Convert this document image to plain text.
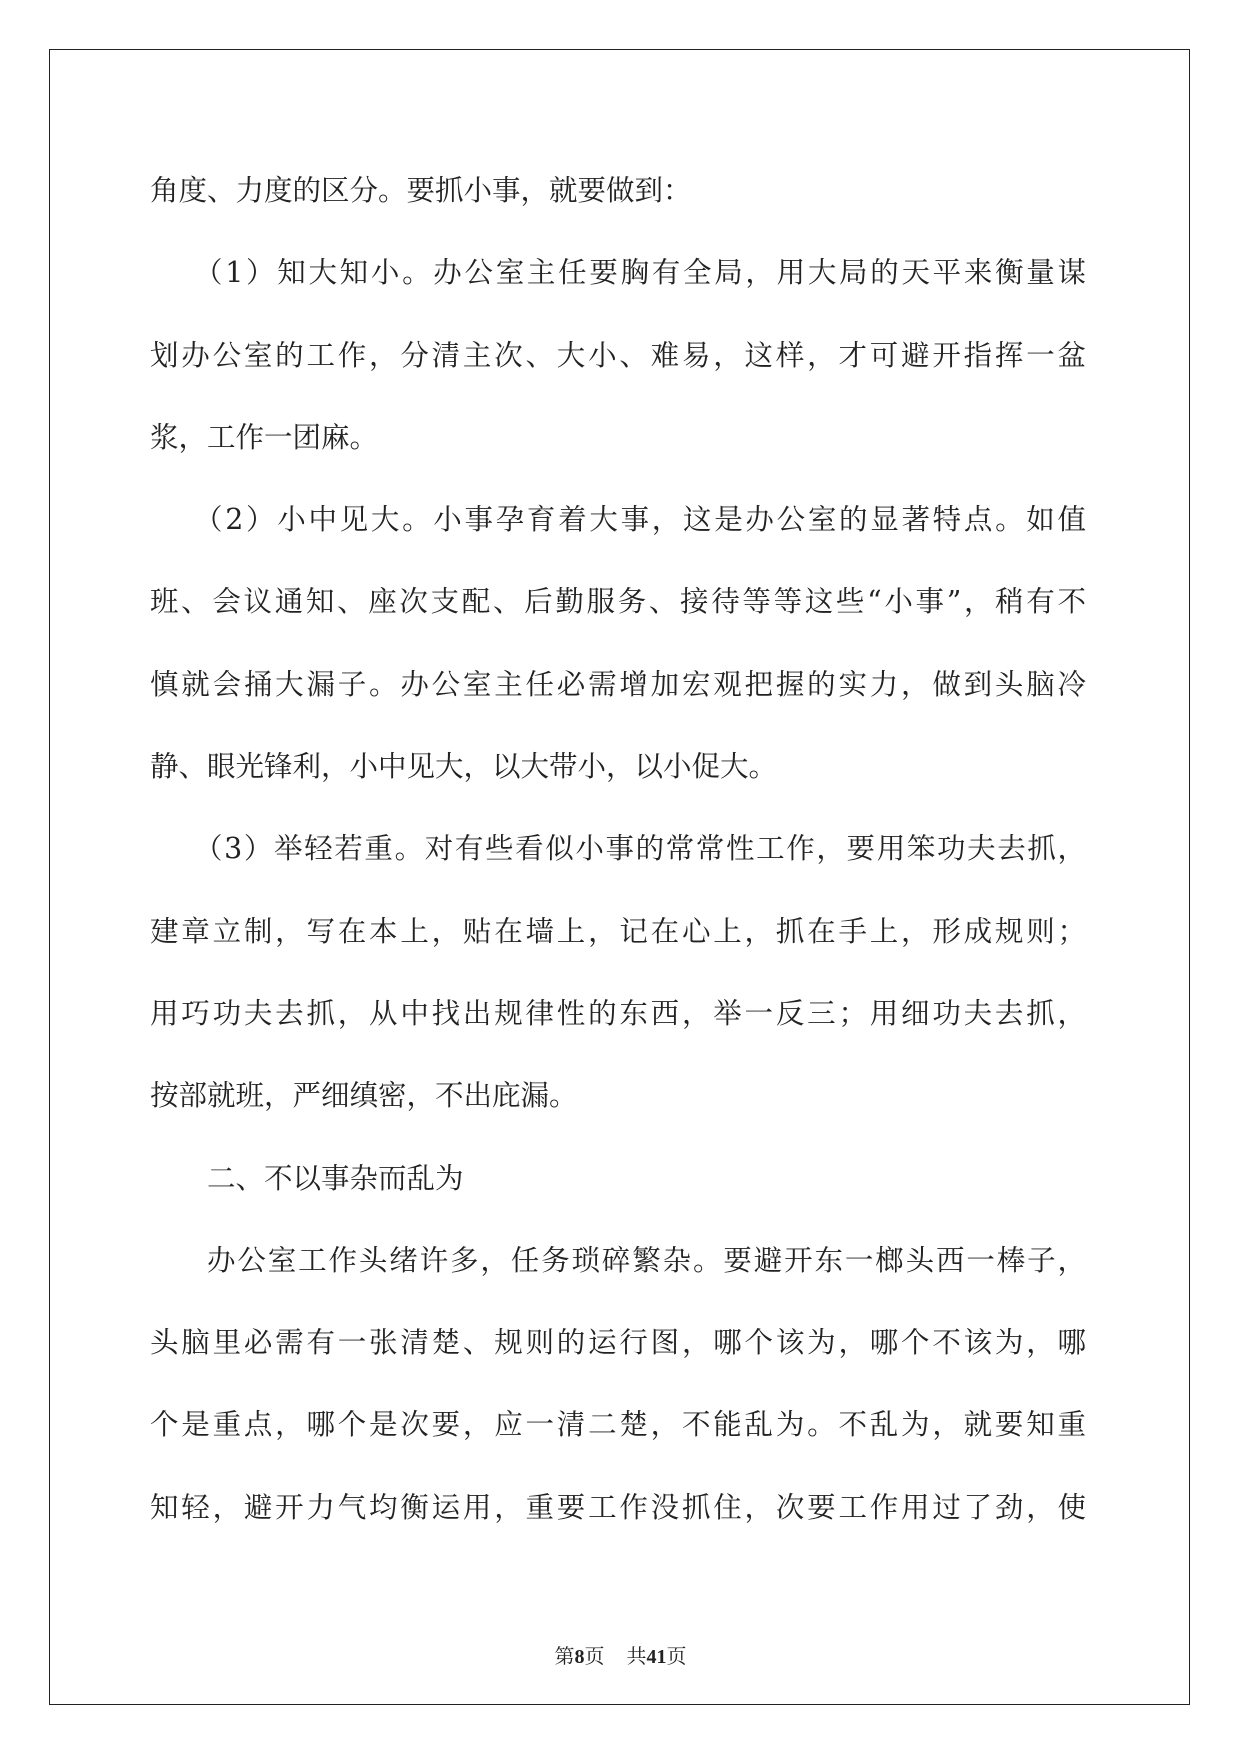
角度、力度的区分。要抓小事，就要做到：
（1）知大知小。办公室主任要胸有全局，用大局的天平来衡量谋
划办公室的工作，分清主次、大小、难易，这样，才可避开指挥一盆
浆，工作一团麻。
（2）小中见大。小事孕育着大事，这是办公室的显著特点。如值
班、会议通知、座次支配、后勤服务、接待等等这些“小事”，稍有不
慎就会捅大漏子。办公室主任必需增加宏观把握的实力，做到头脑冷
静、眼光锋利，小中见大，以大带小，以小促大。
（3）举轻若重。对有些看似小事的常常性工作，要用笨功夫去抓，
建章立制，写在本上，贴在墙上，记在心上，抓在手上，形成规则；
用巧功夫去抓，从中找出规律性的东西，举一反三；用细功夫去抓，
按部就班，严细缜密，不出庇漏。
二、不以事杂而乱为
办公室工作头绪许多，任务琐碎繁杂。要避开东一榔头西一棒子，
头脑里必需有一张清楚、规则的运行图，哪个该为，哪个不该为，哪
个是重点，哪个是次要，应一清二楚，不能乱为。不乱为，就要知重
知轻，避开力气均衡运用，重要工作没抓住，次要工作用过了劲，使
第8页 共41页
